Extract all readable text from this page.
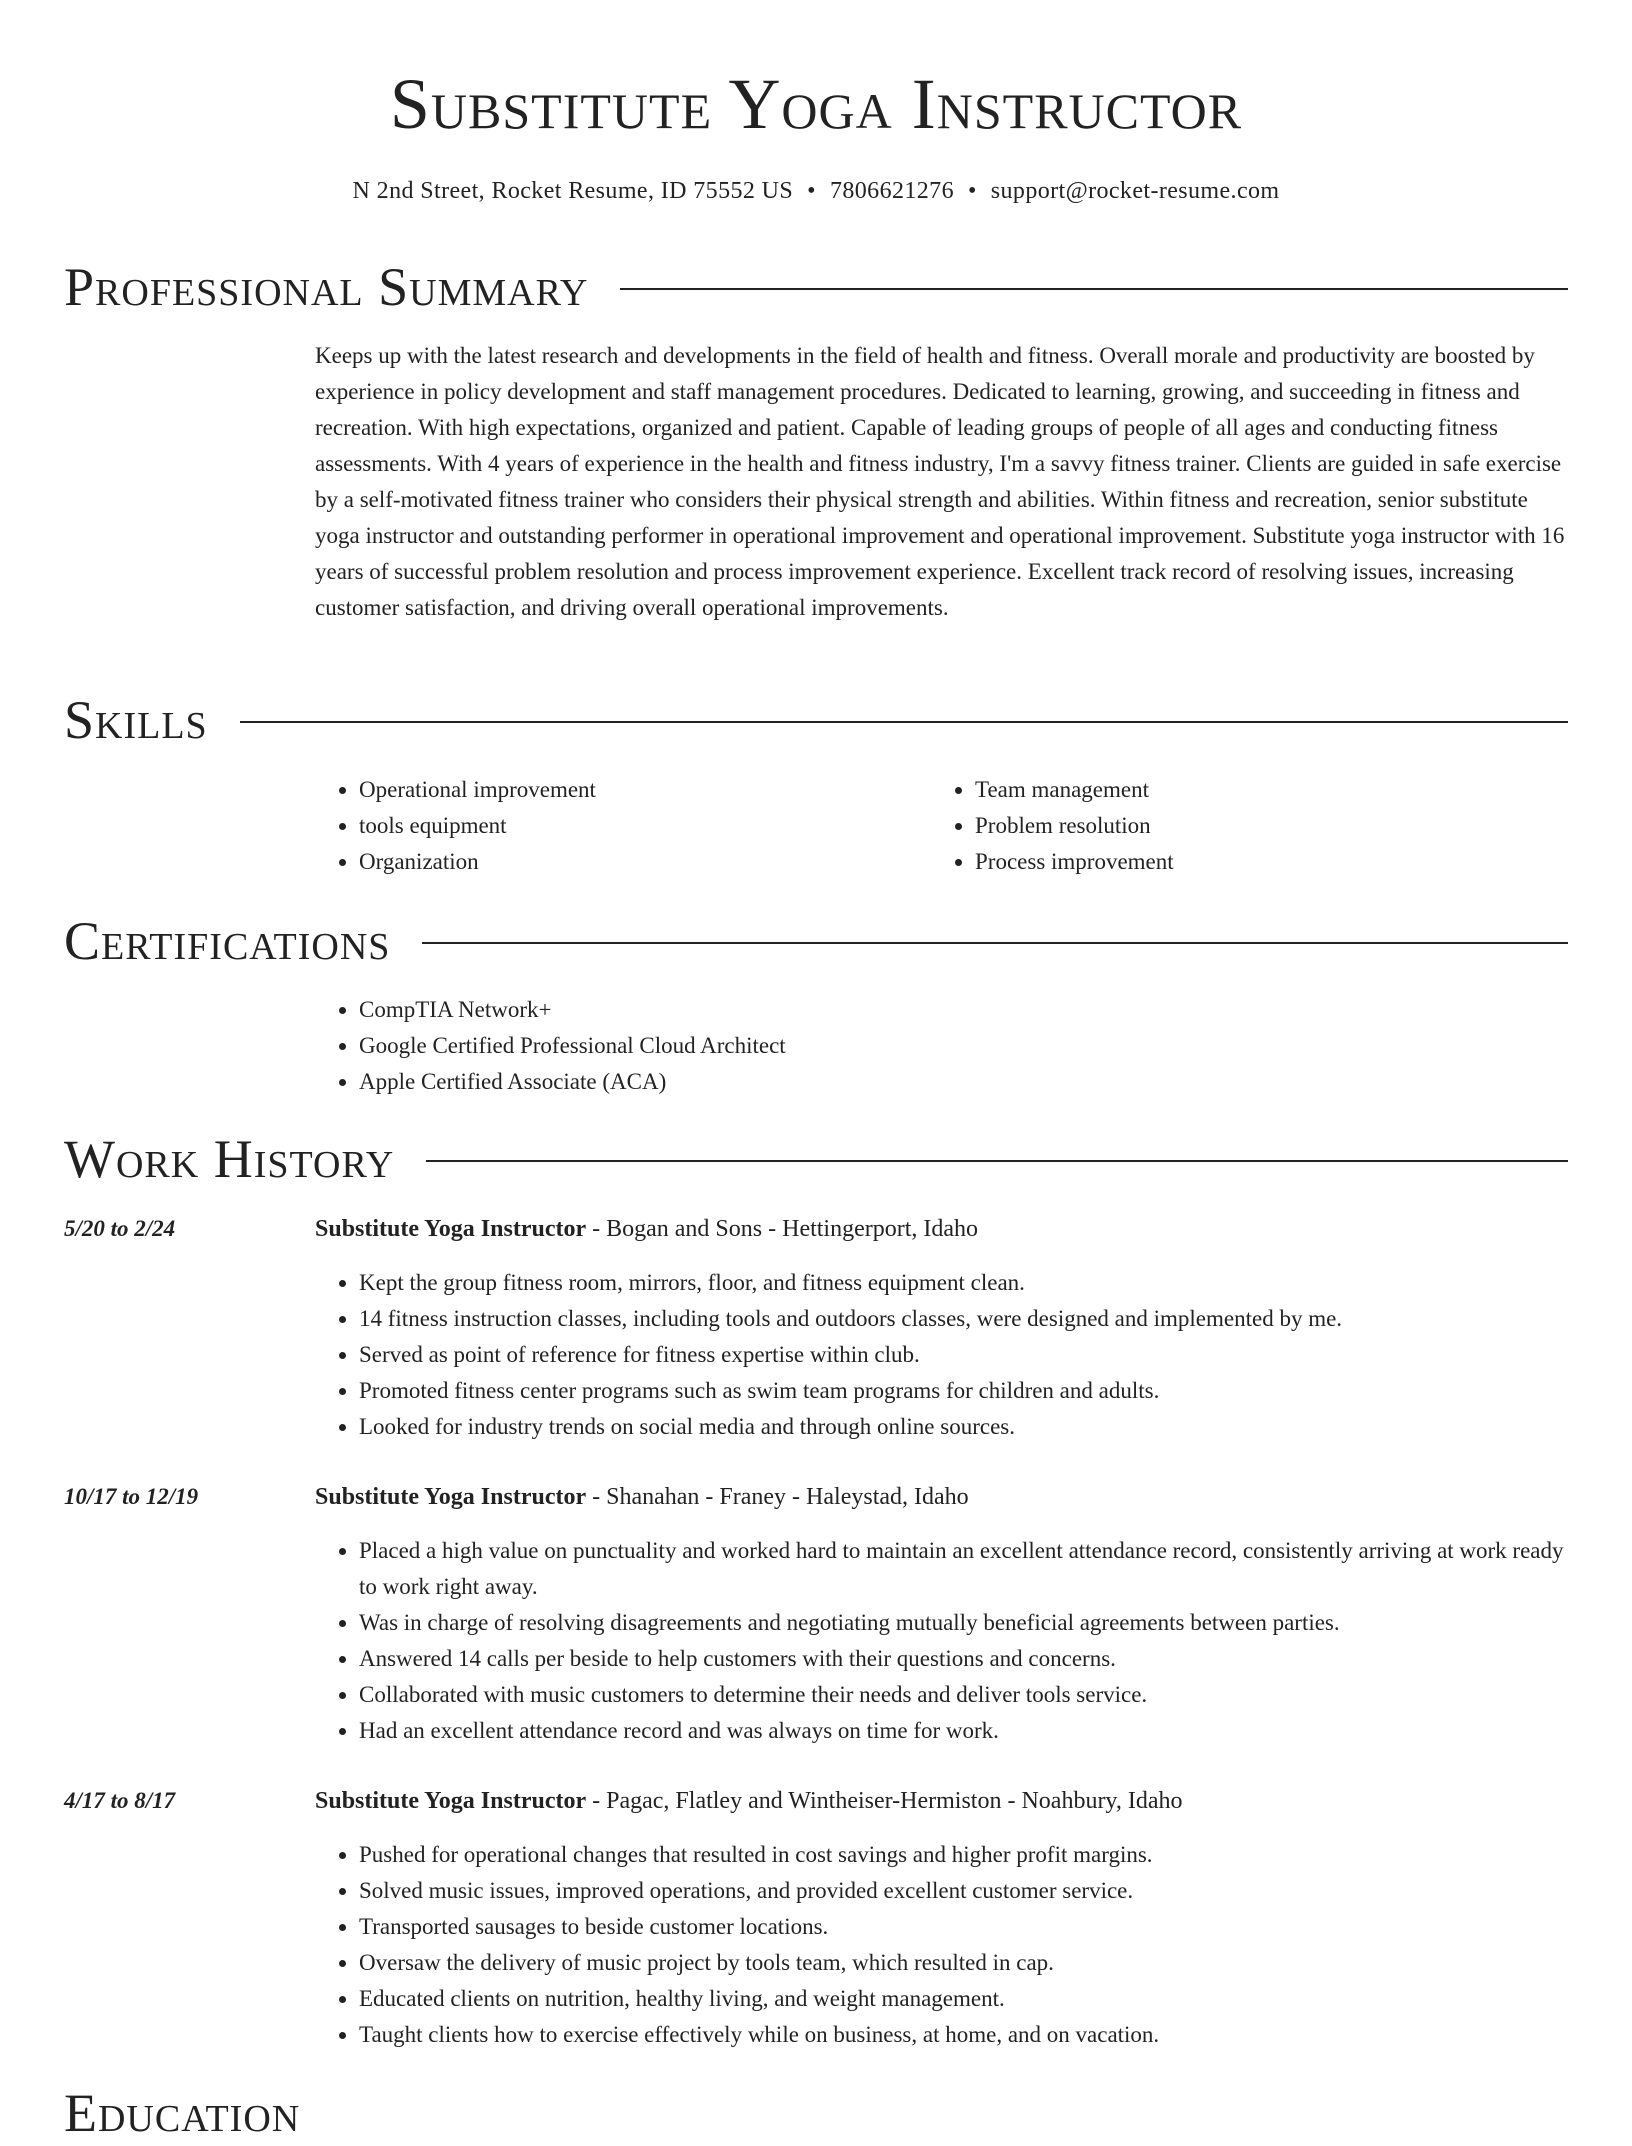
Substitute Yoga Instructor
N 2nd Street, Rocket Resume, ID 75552 US • 7806621276 • support@rocket-resume.com
Professional Summary

Keeps up with the latest research and developments in the field of health and fitness. Overall morale and productivity are boosted by experience in policy development and staff management procedures. Dedicated to learning, growing, and succeeding in fitness and recreation. With high expectations, organized and patient. Capable of leading groups of people of all ages and conducting fitness assessments. With 4 years of experience in the health and fitness industry, I'm a savvy fitness trainer. Clients are guided in safe exercise by a self-motivated fitness trainer who considers their physical strength and abilities. Within fitness and recreation, senior substitute yoga instructor and outstanding performer in operational improvement and operational improvement. Substitute yoga instructor with 16 years of successful problem resolution and process improvement experience. Excellent track record of resolving issues, increasing customer satisfaction, and driving overall operational improvements.

Skills
• Operational improvement
• tools equipment
• Organization
• Team management
• Problem resolution
• Process improvement
Certifications
• CompTIA Network+
• Google Certified Professional Cloud Architect
• Apple Certified Associate (ACA)
Work History
5/20 to 2/24	Substitute Yoga Instructor - Bogan and Sons - Hettingerport, Idaho
• Kept the group fitness room, mirrors, floor, and fitness equipment clean.
• 14 fitness instruction classes, including tools and outdoors classes, were designed and implemented by me.
• Served as point of reference for fitness expertise within club.
• Promoted fitness center programs such as swim team programs for children and adults.
• Looked for industry trends on social media and through online sources.
10/17 to 12/19	Substitute Yoga Instructor - Shanahan - Franey - Haleystad, Idaho
• Placed a high value on punctuality and worked hard to maintain an excellent attendance record, consistently arriving at work ready to work right away.
• Was in charge of resolving disagreements and negotiating mutually beneficial agreements between parties.
• Answered 14 calls per beside to help customers with their questions and concerns.
• Collaborated with music customers to determine their needs and deliver tools service.
• Had an excellent attendance record and was always on time for work.
4/17 to 8/17	Substitute Yoga Instructor - Pagac, Flatley and Wintheiser-Hermiston - Noahbury, Idaho
• Pushed for operational changes that resulted in cost savings and higher profit margins.
• Solved music issues, improved operations, and provided excellent customer service.
• Transported sausages to beside customer locations.
• Oversaw the delivery of music project by tools team, which resulted in cap.
• Educated clients on nutrition, healthy living, and weight management.
• Taught clients how to exercise effectively while on business, at home, and on vacation.
Education
